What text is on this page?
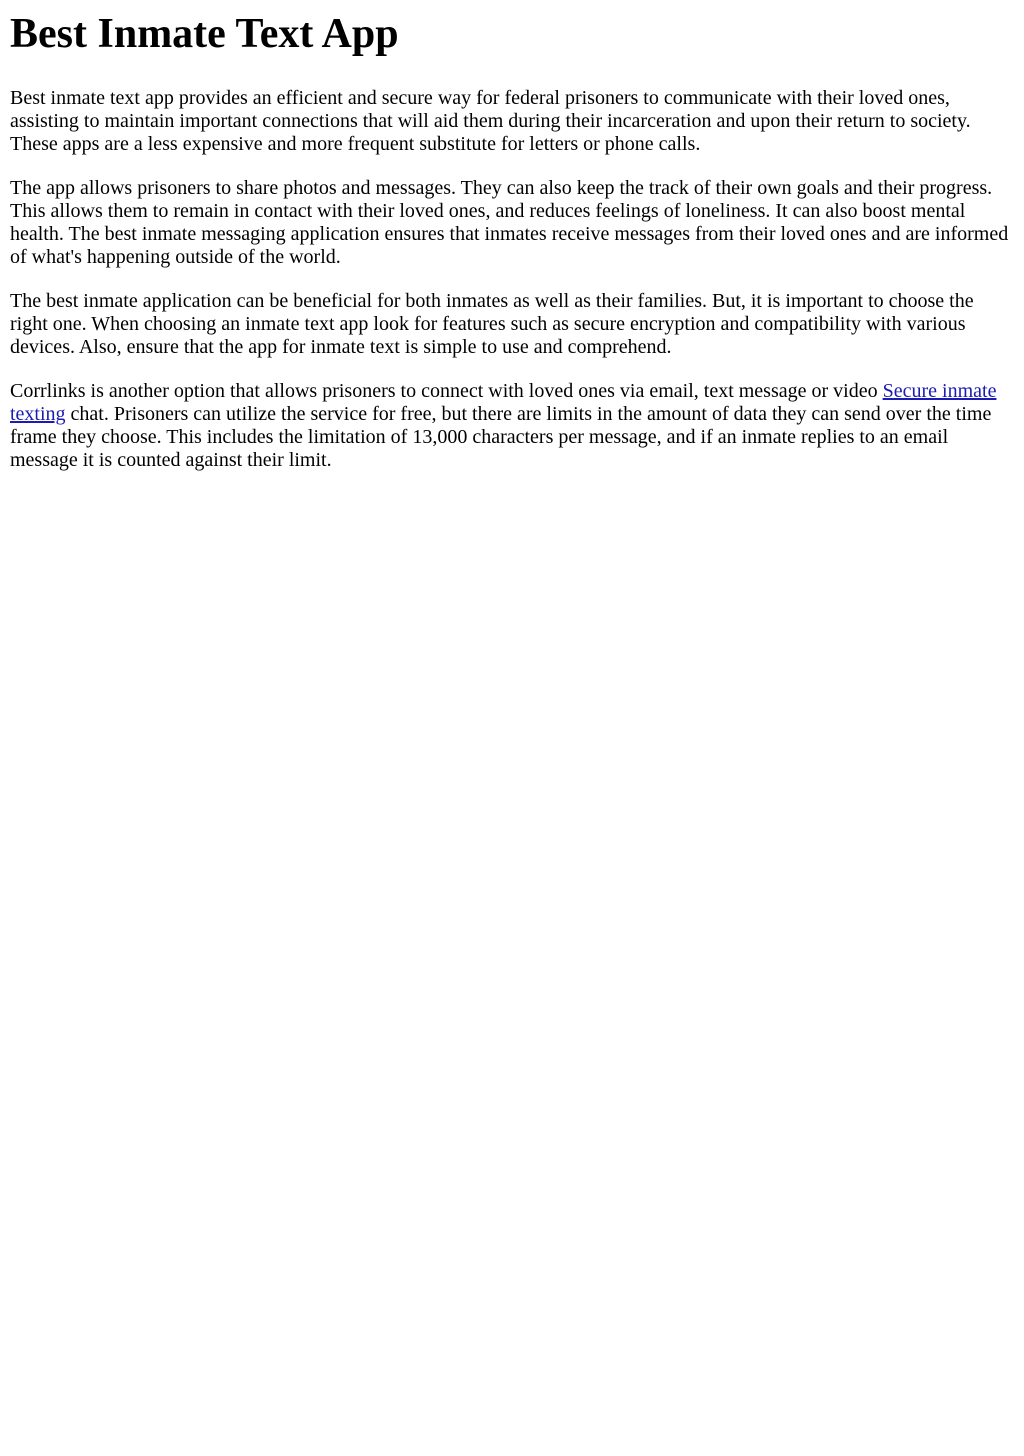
Best Inmate Text App

Best inmate text app provides an efficient and secure way for federal prisoners to communicate with their loved ones, assisting to maintain important connections that will aid them during their incarceration and upon their return to society. These apps are a less expensive and more frequent substitute for letters or phone calls.

The app allows prisoners to share photos and messages. They can also keep the track of their own goals and their progress. This allows them to remain in contact with their loved ones, and reduces feelings of loneliness. It can also boost mental health. The best inmate messaging application ensures that inmates receive messages from their loved ones and are informed of what's happening outside of the world.

The best inmate application can be beneficial for both inmates as well as their families. But, it is important to choose the right one. When choosing an inmate text app look for features such as secure encryption and compatibility with various devices. Also, ensure that the app for inmate text is simple to use and comprehend.

Corrlinks is another option that allows prisoners to connect with loved ones via email, text message or video Secure inmate texting chat. Prisoners can utilize the service for free, but there are limits in the amount of data they can send over the time frame they choose. This includes the limitation of 13,000 characters per message, and if an inmate replies to an email message it is counted against their limit.
